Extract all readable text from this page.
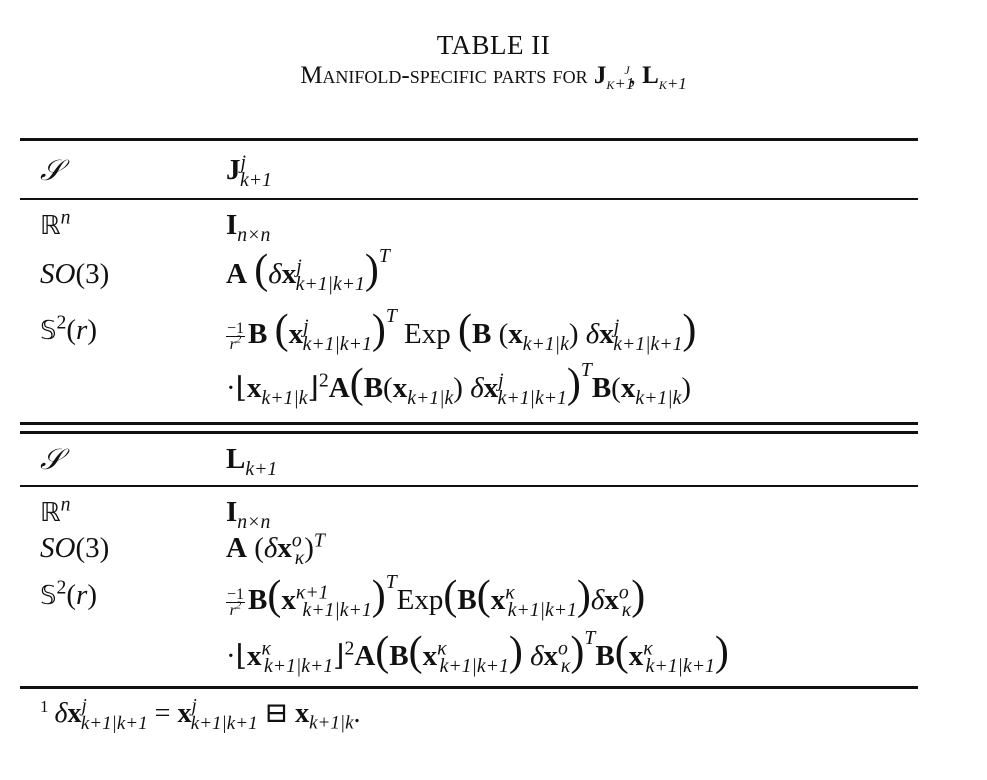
TABLE II
Manifold-specific parts for $J_{k+1}^j$, $L_{k+1}$
𝒮	$J^j_{k+1}$
ℝ$^n$	$I_{n\times n}$
SO(3)	A $(\delta x^j_{k+1|k+1})^T$
𝕊$^2$(r)	$\frac{-1}{r^2}$ B $(x^j_{k+1|k+1})^T$ Exp (B $(x_{k+1|k})$ $\delta x^j_{k+1|k+1}$)
$\cdot⌊x_{k+1|k}⌋^2A(B(x_{k+1|k})$ $\delta x^j_{k+1|k+1})^TB(x_{k+1|k})$
𝒮	$L_{k+1}$
ℝ$^n$	$I_{n\times n}$
SO(3)	A $(\delta x^o_\kappa)^T$
𝕊$^2$(r)	$\frac{-1}{r^2} B(x^{\kappa+1}_{k+1|k+1})^TExp(B(x^\kappa_{k+1|k+1})\delta x^o_\kappa)$
$\cdot⌊x^\kappa_{k+1|k+1}⌋^2A(B(x^\kappa_{k+1|k+1})$ $\delta x^o_\kappa)^TB(x^\kappa_{k+1|k+1})$
$^1$ $\delta x^j_{k+1|k+1} = x^j_{k+1|k+1}$ ⊟ $x_{k+1|k}$.
